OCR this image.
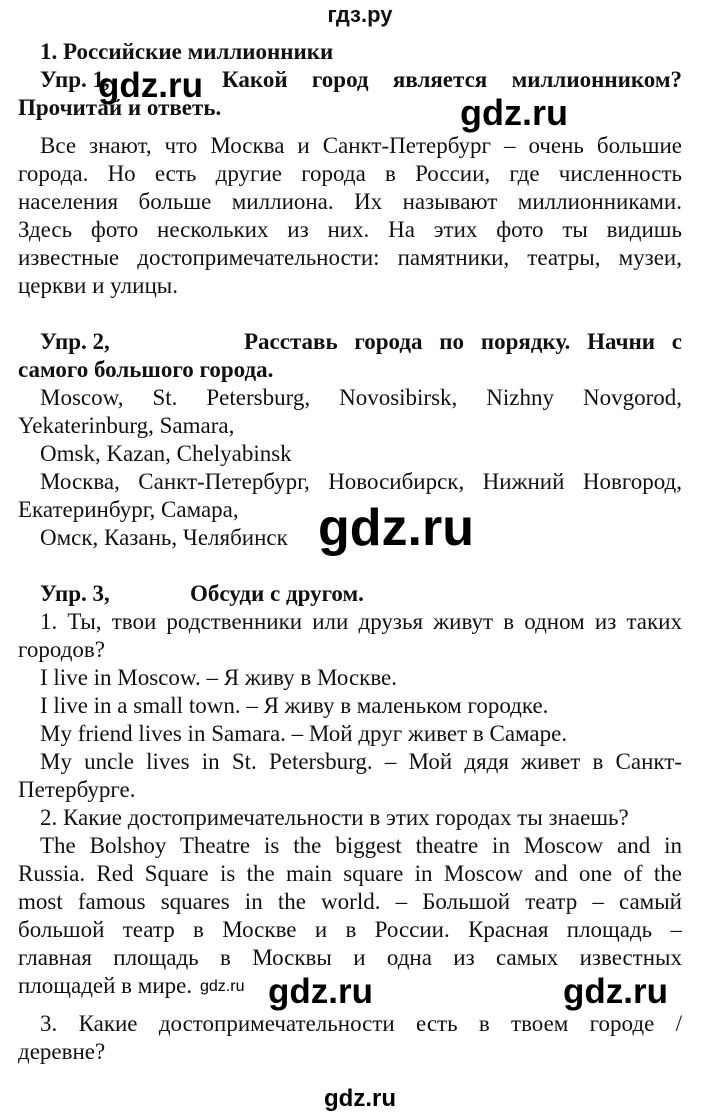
гдз.ру
1. Российские миллионники
Упр. 1,	Какой город является миллионником?
Прочитай и ответь.
Все знают, что Москва и Санкт-Петербург – очень большие
города. Но есть другие города в России, где численность
населения больше миллиона. Их называют миллионниками.
Здесь фото нескольких из них. На этих фото ты видишь
известные достопримечательности: памятники, театры, музеи,
церкви и улицы.
Упр. 2,	Расставь города по порядку. Начни с
самого большого города.
Moscow, St. Petersburg, Novosibirsk, Nizhny Novgorod,
Yekaterinburg, Samara,
Omsk, Kazan, Chelyabinsk
Москва, Санкт-Петербург, Новосибирск, Нижний Новгород,
Екатеринбург, Самара,
Омск, Казань, Челябинск
Упр. 3,	Обсуди с другом.
1. Ты, твои родственники или друзья живут в одном из таких
городов?
I live in Moscow. – Я живу в Москве.
I live in a small town. – Я живу в маленьком городке.
My friend lives in Samara. – Мой друг живет в Самаре.
My uncle lives in St. Petersburg. – Мой дядя живет в Санкт-
Петербурге.
2. Какие достопримечательности в этих городах ты знаешь?
The Bolshoy Theatre is the biggest theatre in Moscow and in
Russia. Red Square is the main square in Moscow and one of the
most famous squares in the world. – Большой театр – самый
большой театр в Москве и в России. Красная площадь –
главная площадь в Москвы и одна из самых известных
площадей в мире.
3. Какие достопримечательности есть в твоем городе /
деревне?
gdz.ru
gdz.ru
gdz.ru
gdz.ru gdz.ru	gdz.ru
gdz.ru
